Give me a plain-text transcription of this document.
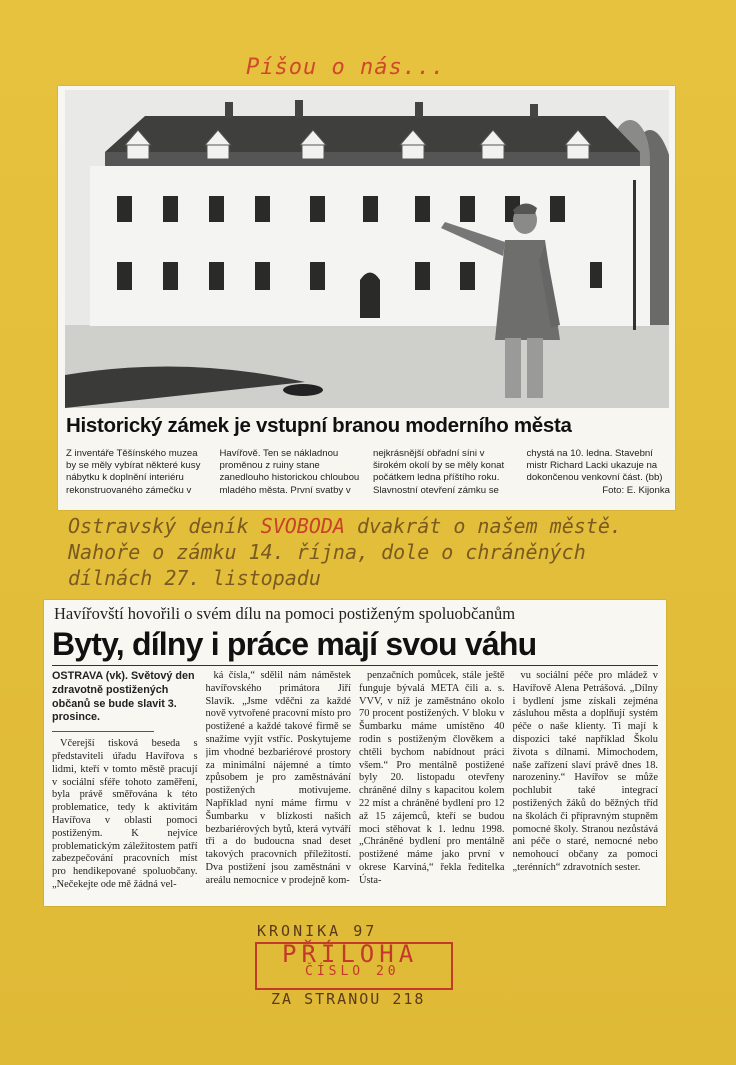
Píšou o nás...
Historický zámek je vstupní branou moderního města
Z inventáře Těšínského muzea by se měly vybírat některé kusy nábytku k doplnění interiéru rekonstruovaného zámečku v
Havířově. Ten se nákladnou proměnou z ruiny stane zanedlouho historickou chloubou mladého města. První svatby v
nejkrásnější obřadní síni v širokém okolí by se měly konat počátkem ledna příštího roku. Slavnostní otevření zámku se
chystá na 10. ledna. Stavební mistr Richard Lacki ukazuje na dokončenou venkovní část. (bb)
Foto: E. Kijonka
Ostravský deník SVOBODA dvakrát o našem městě. Nahoře o zámku 14. října, dole o chráněných dílnách 27. listopadu
Havířovští hovořili o svém dílu na pomoci postiženým spoluobčanům
Byty, dílny i práce mají svou váhu
OSTRAVA (vk). Světový den zdravotně postižených občanů se bude slavit 3. prosince.

Včerejší tisková beseda s představiteli úřadu Havířova s lidmi, kteří v tomto městě pracují v sociální sféře tohoto zaměření, byla právě směřována k této problematice, tedy k aktivitám Havířova v oblasti pomoci postiženým. K nejvíce problematickým záležitostem patří zabezpečování pracovních míst pro hendikepované spoluobčany. „Nečekejte ode mě žádná vel-

ká čísla,“ sdělil nám náměstek havířovského primátora Jiří Slavík. „Jsme vděčni za každé nově vytvořené pracovní místo pro postižené a každé takové firmě se snažíme vyjít vstříc. Poskytujeme jim vhodné bezbariérové prostory za minimální nájemné a tímto způsobem je pro zaměstnávání postižených motivujeme. Například nyní máme firmu v Šumbarku v blízkosti našich bezbariérových bytů, která vytváří tři a do budoucna snad deset takových pracovních příležitostí. Dva postižení jsou zaměstnáni v areálu nemocnice v prodejně kom-

penzačních pomůcek, stále ještě funguje bývalá META čili a. s. VVV, v níž je zaměstnáno okolo 70 procent postižených. V bloku v Šumbarku máme umístěno 40 rodin s postiženým člověkem a chtěli bychom nabídnout práci všem.“ Pro mentálně postižené byly 20. listopadu otevřeny chráněné dílny s kapacitou kolem 22 míst a chráněné bydlení pro 12 až 15 zájemců, kteří se budou moci stěhovat k 1. lednu 1998. „Chráněné bydlení pro mentálně postižené máme jako první v okrese Karviná,“ řekla ředitelka Ústa-

vu sociální péče pro mládež v Havířově Alena Petrášová. „Dílny i bydlení jsme získali zejména zásluhou města a doplňují systém péče o naše klienty. Ti mají k dispozici také například Školu života s dílnami. Mimochodem, naše zařízení slaví právě dnes 18. narozeniny.“ Havířov se může pochlubit také integrací postižených žáků do běžných tříd na školách či přípravným stupněm pomocné školy. Stranou nezůstává ani péče o staré, nemocné nebo nemohoucí občany za pomoci „terénních“ zdravotních sester.

KRONIKA 97
PŘÍLOHA
ČÍSLO 20
ZA STRANOU 218
